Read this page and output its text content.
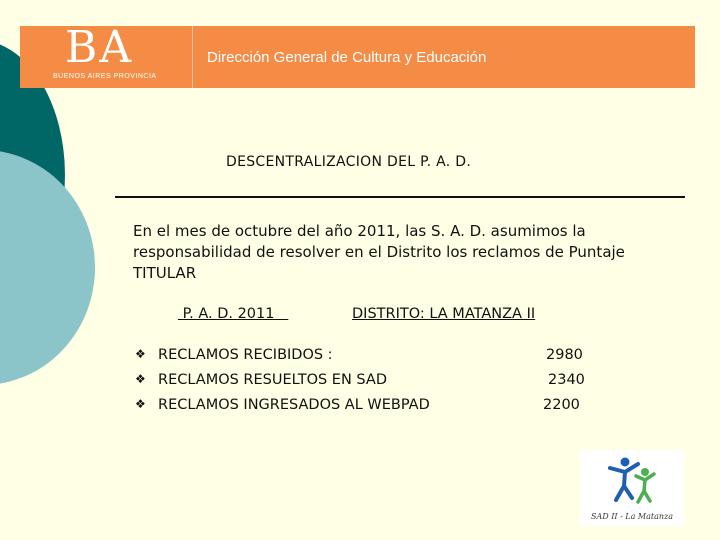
BA
BUENOS AIRES PROVINCIA
Dirección General de Cultura y Educación
DESCENTRALIZACION DEL P. A. D.
En el mes de octubre del año 2011, las S. A. D. asumimos la responsabilidad de resolver en el Distrito los reclamos de Puntaje TITULAR
P. A. D. 2011	DISTRITO: LA MATANZA II
❖ RECLAMOS RECIBIDOS :	2980
❖ RECLAMOS RESUELTOS EN SAD	2340
❖ RECLAMOS INGRESADOS AL WEBPAD	2200
SAD II - La Matanza
